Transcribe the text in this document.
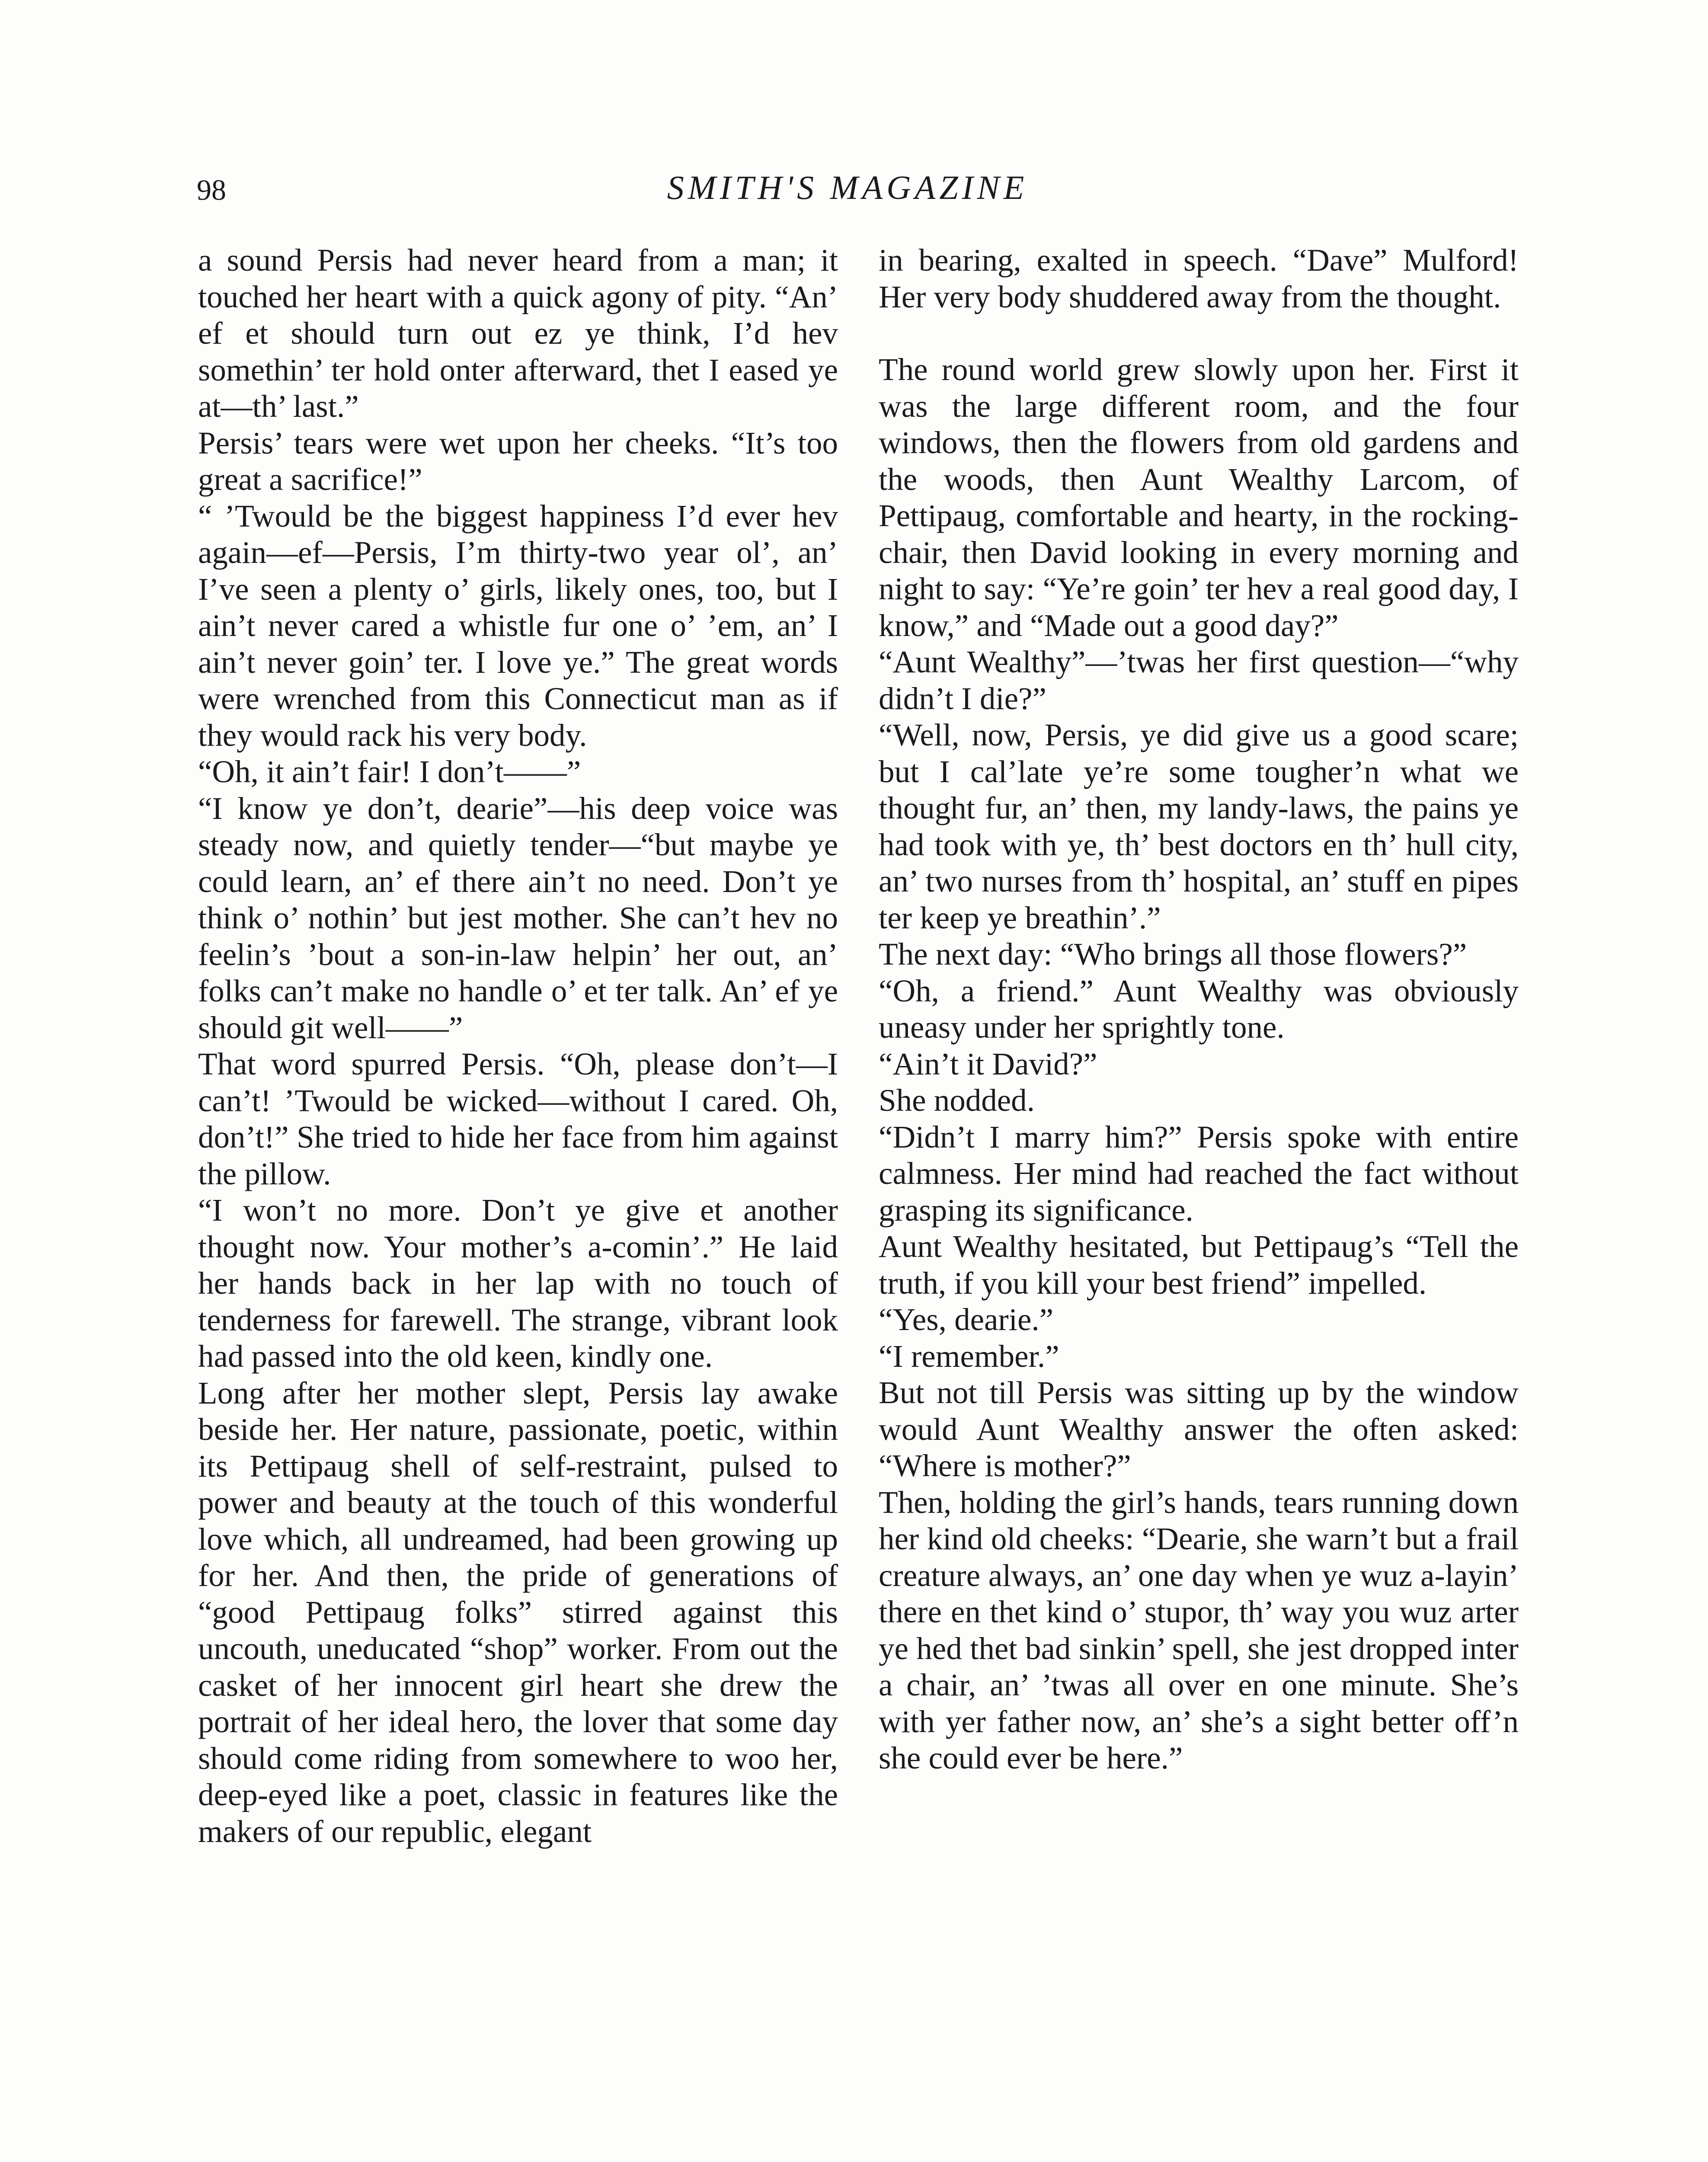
98	SMITH'S MAGAZINE

a sound Persis had never heard from a man; it touched her heart with a quick agony of pity. “An’ ef et should turn out ez ye think, I’d hev somethin’ ter hold onter afterward, thet I eased ye at—th’ last.”

Persis’ tears were wet upon her cheeks. “It’s too great a sacrifice!”

“ ’Twould be the biggest happiness I’d ever hev again—ef—Persis, I’m thirty-two year ol’, an’ I’ve seen a plenty o’ girls, likely ones, too, but I ain’t never cared a whistle fur one o’ ’em, an’ I ain’t never goin’ ter. I love ye.” The great words were wrenched from this Connecticut man as if they would rack his very body.

“Oh, it ain’t fair! I don’t——”

“I know ye don’t, dearie”—his deep voice was steady now, and quietly tender—“but maybe ye could learn, an’ ef there ain’t no need. Don’t ye think o’ nothin’ but jest mother. She can’t hev no feelin’s ’bout a son-in-law helpin’ her out, an’ folks can’t make no handle o’ et ter talk. An’ ef ye should git well——”

That word spurred Persis. “Oh, please don’t—I can’t! ’Twould be wicked—without I cared. Oh, don’t!” She tried to hide her face from him against the pillow.

“I won’t no more. Don’t ye give et another thought now. Your mother’s a-comin’.” He laid her hands back in her lap with no touch of tenderness for farewell. The strange, vibrant look had passed into the old keen, kindly one.

Long after her mother slept, Persis lay awake beside her. Her nature, passionate, poetic, within its Pettipaug shell of self-restraint, pulsed to power and beauty at the touch of this wonderful love which, all undreamed, had been growing up for her. And then, the pride of generations of “good Pettipaug folks” stirred against this uncouth, uneducated “shop” worker. From out the casket of her innocent girl heart she drew the portrait of her ideal hero, the lover that some day should come riding from somewhere to woo her, deep-eyed like a poet, classic in features like the makers of our republic, elegant

in bearing, exalted in speech. “Dave” Mulford! Her very body shuddered away from the thought.

The round world grew slowly upon her. First it was the large different room, and the four windows, then the flowers from old gardens and the woods, then Aunt Wealthy Larcom, of Pettipaug, comfortable and hearty, in the rocking-chair, then David looking in every morning and night to say: “Ye’re goin’ ter hev a real good day, I know,” and “Made out a good day?”

“Aunt Wealthy”—’twas her first question—“why didn’t I die?”

“Well, now, Persis, ye did give us a good scare; but I cal’late ye’re some tougher’n what we thought fur, an’ then, my landy-laws, the pains ye had took with ye, th’ best doctors en th’ hull city, an’ two nurses from th’ hospital, an’ stuff en pipes ter keep ye breathin’.”

The next day: “Who brings all those flowers?”

“Oh, a friend.” Aunt Wealthy was obviously uneasy under her sprightly tone.

“Ain’t it David?”

She nodded.

“Didn’t I marry him?” Persis spoke with entire calmness. Her mind had reached the fact without grasping its significance.

Aunt Wealthy hesitated, but Pettipaug’s “Tell the truth, if you kill your best friend” impelled.

“Yes, dearie.”

“I remember.”

But not till Persis was sitting up by the window would Aunt Wealthy answer the often asked: “Where is mother?”

Then, holding the girl’s hands, tears running down her kind old cheeks: “Dearie, she warn’t but a frail creature always, an’ one day when ye wuz a-layin’ there en thet kind o’ stupor, th’ way you wuz arter ye hed thet bad sinkin’ spell, she jest dropped inter a chair, an’ ’twas all over en one minute. She’s with yer father now, an’ she’s a sight better off’n she could ever be here.”
